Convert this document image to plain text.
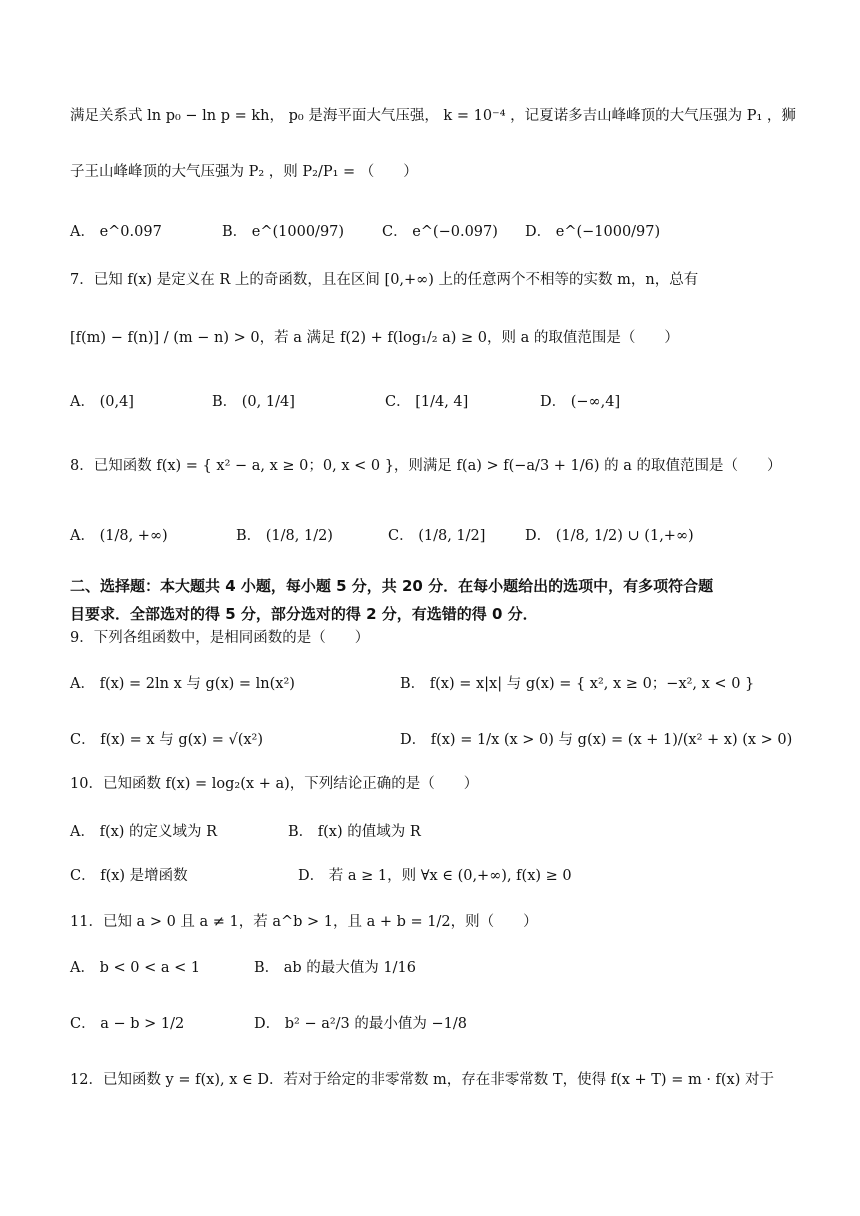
满足关系式 ln p₀ − ln p = kh， p₀ 是海平面大气压强， k = 10⁻⁴ ，记夏诺多吉山峰峰顶的大气压强为 P₁ ，狮
子王山峰峰顶的大气压强为 P₂ ，则 P₂/P₁ = （　　）
A． e^0.097	B． e^(1000/97)	C． e^(−0.097) D． e^(−1000/97)
7．已知 f(x) 是定义在 R 上的奇函数，且在区间 [0,+∞) 上的任意两个不相等的实数 m，n，总有
[f(m) − f(n)] / (m − n) > 0，若 a 满足 f(2) + f(log₁/₂ a) ≥ 0，则 a 的取值范围是（　　）
A． (0,4]	B． (0, 1/4]	C． [1/4, 4]	D． (−∞,4]
8．已知函数 f(x) = { x² − a, x ≥ 0；0, x < 0 }，则满足 f(a) > f(−a/3 + 1/6) 的 a 的取值范围是（　　）
A． (1/8, +∞)	B． (1/8, 1/2)	C． (1/8, 1/2]	D． (1/8, 1/2) ∪ (1,+∞)
二、选择题：本大题共 4 小题，每小题 5 分，共 20 分．在每小题给出的选项中，有多项符合题
目要求．全部选对的得 5 分，部分选对的得 2 分，有选错的得 0 分．
9．下列各组函数中，是相同函数的是（　　）
A． f(x) = 2ln x 与 g(x) = ln(x²)	B． f(x) = x|x| 与 g(x) = { x², x ≥ 0；−x², x < 0 }
C． f(x) = x 与 g(x) = √(x²)	D． f(x) = 1/x (x > 0) 与 g(x) = (x + 1)/(x² + x) (x > 0)
10．已知函数 f(x) = log₂(x + a)，下列结论正确的是（　　）
A． f(x) 的定义域为 R	B． f(x) 的值域为 R
C． f(x) 是增函数	D． 若 a ≥ 1，则 ∀x ∈ (0,+∞), f(x) ≥ 0
11．已知 a > 0 且 a ≠ 1，若 a^b > 1，且 a + b = 1/2，则（　　）
A． b < 0 < a < 1	B． ab 的最大值为 1/16
C． a − b > 1/2	D． b² − a²/3 的最小值为 −1/8
12．已知函数 y = f(x), x ∈ D．若对于给定的非零常数 m，存在非零常数 T，使得 f(x + T) = m · f(x) 对于
